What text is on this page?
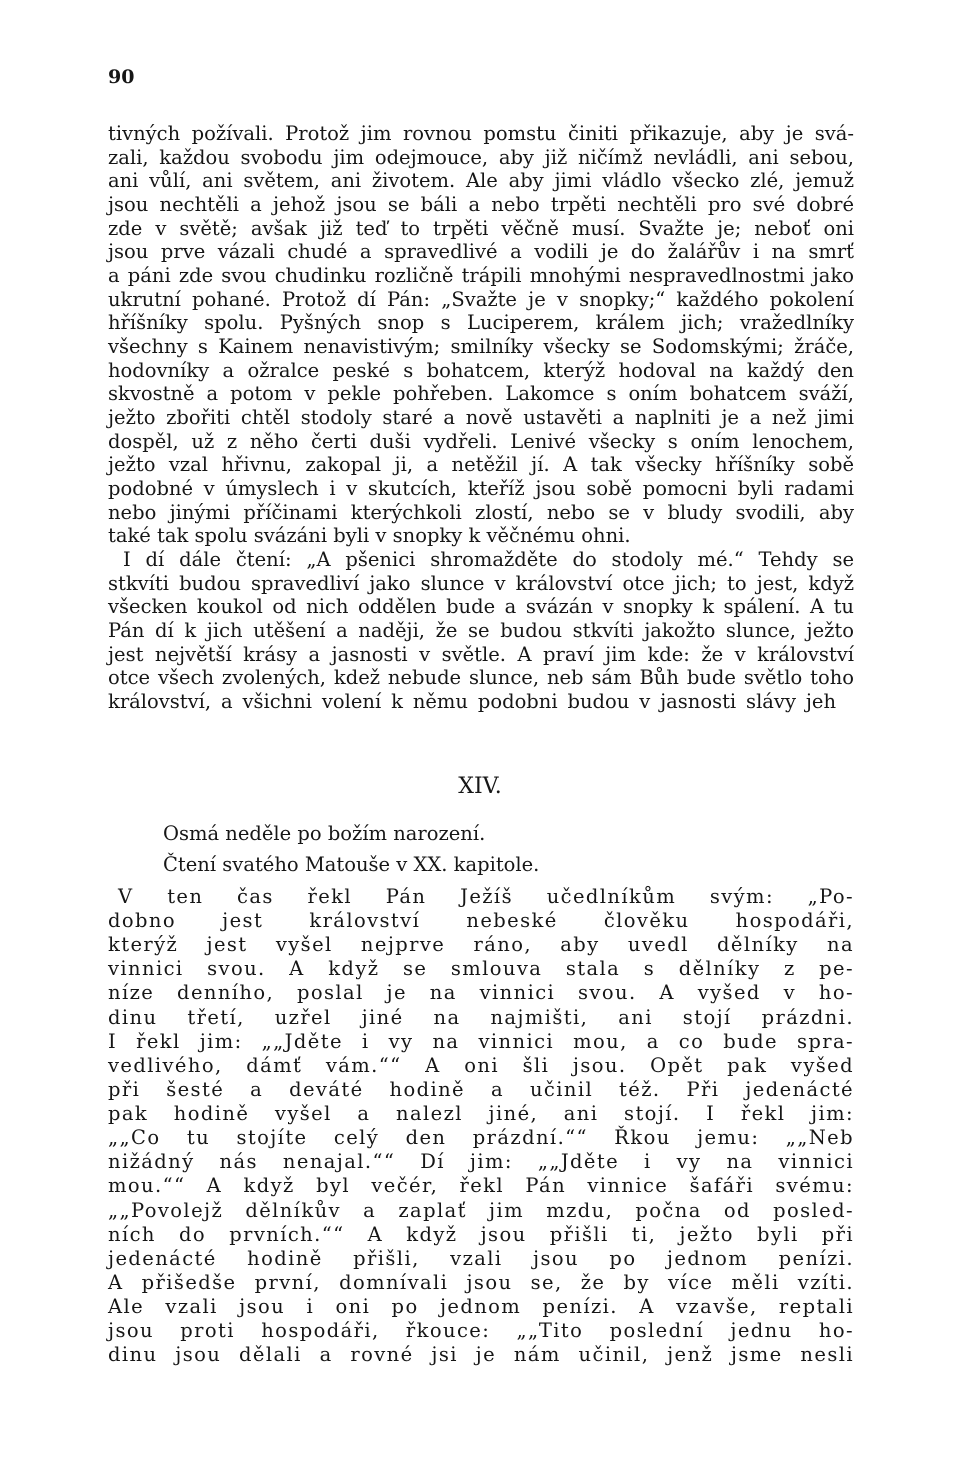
90
tivných požívali. Protož jim rovnou pomstu činiti přikazuje, aby je svá-
zali, každou svobodu jim odejmouce, aby již ničímž nevládli, ani sebou,
ani vůlí, ani světem, ani životem. Ale aby jimi vládlo všecko zlé, jemuž
jsou nechtěli a jehož jsou se báli a nebo trpěti nechtěli pro své dobré
zde v světě; avšak již teď to trpěti věčně musí. Svažte je; neboť oni
jsou prve vázali chudé a spravedlivé a vodili je do žalářův i na smrť
a páni zde svou chudinku rozličně trápili mnohými nespravedlnostmi jako
ukrutní pohané. Protož dí Pán: „Svažte je v snopky;“ každého pokolení
hříšníky spolu. Pyšných snop s Luciperem, králem jich; vražedlníky
všechny s Kainem nenavistivým; smilníky všecky se Sodomskými; žráče,
hodovníky a ožralce peské s bohatcem, kterýž hodoval na každý den
skvostně a potom v pekle pohřeben. Lakomce s oním bohatcem sváží,
ježto zbořiti chtěl stodoly staré a nově ustavěti a naplniti je a než jimi
dospěl, už z něho čerti duši vydřeli. Lenivé všecky s oním lenochem,
ježto vzal hřivnu, zakopal ji, a netěžil jí. A tak všecky hříšníky sobě
podobné v úmyslech i v skutcích, kteříž jsou sobě pomocni byli radami
nebo jinými příčinami kterýchkoli zlostí, nebo se v bludy svodili, aby
také tak spolu svázáni byli v snopky k věčnému ohni.
I dí dále čtení: „A pšenici shromažděte do stodoly mé.“ Tehdy se
stkvíti budou spravedliví jako slunce v království otce jich; to jest, když
všecken koukol od nich oddělen bude a svázán v snopky k spálení. A tu
Pán dí k jich utěšení a naději, že se budou stkvíti jakožto slunce, ježto
jest největší krásy a jasnosti v světle. A praví jim kde: že v království
otce všech zvolených, kdež nebude slunce, neb sám Bůh bude světlo toho
království, a všichni volení k němu podobni budou v jasnosti slávy jeh
XIV.
Osmá neděle po božím narození.
Čtení svatého Matouše v XX. kapitole.
V ten čas řekl Pán Ježíš učedlníkům svým: „Po-
dobno jest království nebeské člověku hospodáři,
kterýž jest vyšel nejprve ráno, aby uvedl dělníky na
vinnici svou. A když se smlouva stala s dělníky z pe-
níze denního, poslal je na vinnici svou. A vyšed v ho-
dinu třetí, uzřel jiné na najmišti, ani stojí prázdni.
I řekl jim: „„Jděte i vy na vinnici mou, a co bude spra-
vedlivého, dámť vám.““ A oni šli jsou. Opět pak vyšed
při šesté a deváté hodině a učinil též. Při jedenácté
pak hodině vyšel a nalezl jiné, ani stojí. I řekl jim:
„„Co tu stojíte celý den prázdní.““ Řkou jemu: „„Neb
nižádný nás nenajal.““ Dí jim: „„Jděte i vy na vinnici
mou.““ A když byl večér, řekl Pán vinnice šafáři svému:
„„Povolejž dělníkův a zaplať jim mzdu, počna od posled-
ních do prvních.““ A když jsou přišli ti, ježto byli při
jedenácté hodině přišli, vzali jsou po jednom penízi.
A přišedše první, domnívali jsou se, že by více měli vzíti.
Ale vzali jsou i oni po jednom penízi. A vzavše, reptali
jsou proti hospodáři, řkouce: „„Tito poslední jednu ho-
dinu jsou dělali a rovné jsi je nám učinil, jenž jsme nesli
